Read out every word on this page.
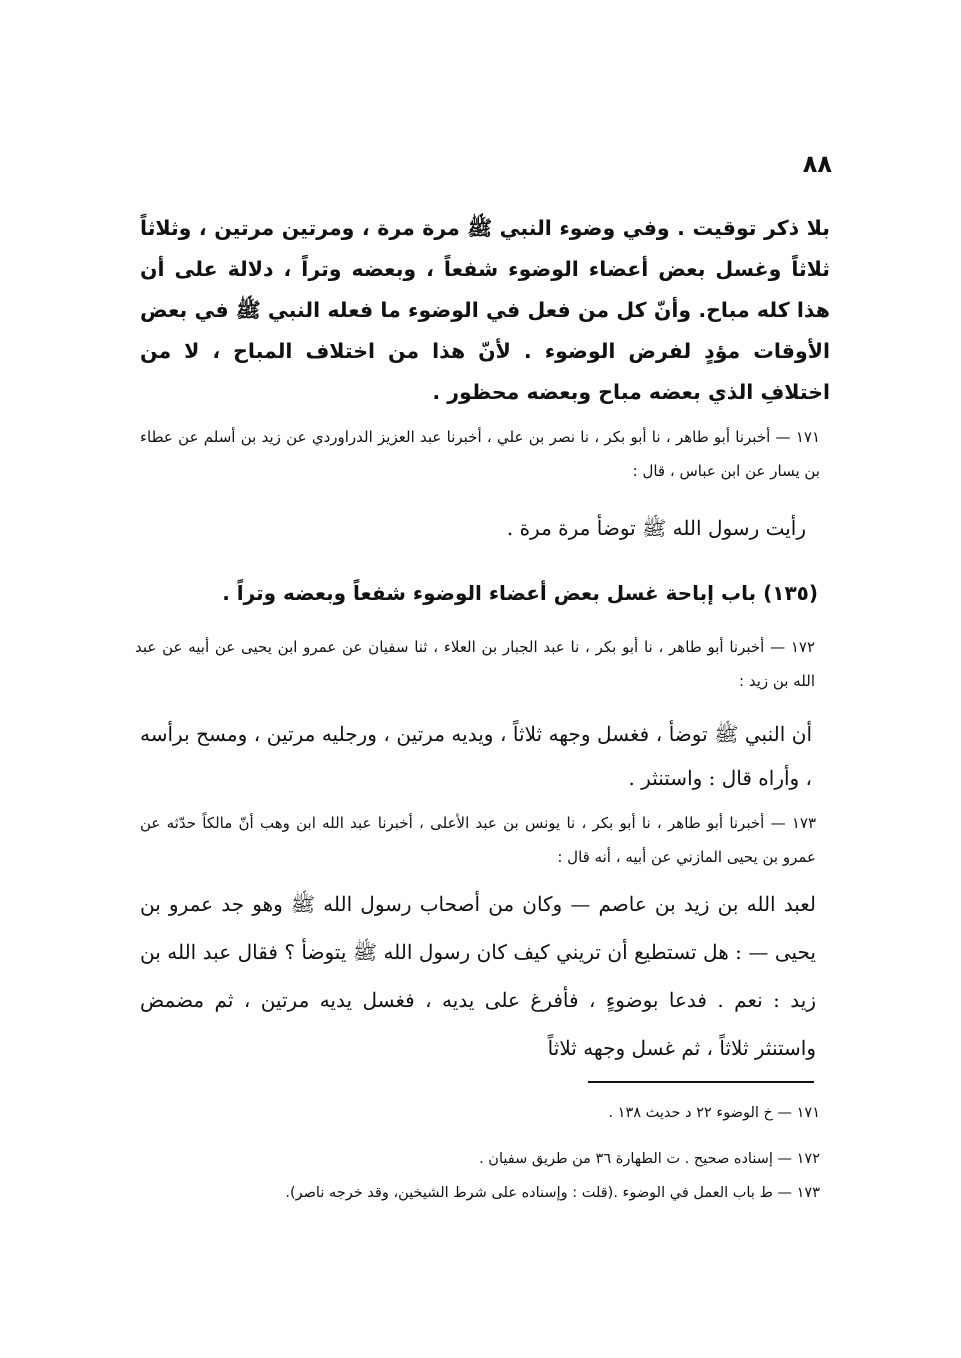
٨٨
بلا ذكر توقيت . وفي وضوء النبي ﷺ مرة مرة ، ومرتين مرتين ، وثلاثاً ثلاثاً وغسل بعض أعضاء الوضوء شفعاً ، وبعضه وتراً ، دلالة على أن هذا كله مباح. وأنّ كل من فعل في الوضوء ما فعله النبي ﷺ في بعض الأوقات مؤدٍ لفرض الوضوء . لأنّ هذا من اختلاف المباح ، لا من اختلافِ الذي بعضه مباح وبعضه محظور .
١٧١ — أخبرنا أبو طاهر ، نا أبو بكر ، نا نصر بن علي ، أخبرنا عبد العزيز الدراوردي عن زيد بن أسلم عن عطاء بن يسار عن ابن عباس ، قال :
رأيت رسول الله ﷺ توضأ مرة مرة .
(١٣٥) باب إباحة غسل بعض أعضاء الوضوء شفعاً وبعضه وتراً .
١٧٢ — أخبرنا أبو طاهر ، نا أبو بكر ، نا عبد الجبار بن العلاء ، ثنا سفيان عن عمرو ابن يحيى عن أبيه عن عبد الله بن زيد :
أن النبي ﷺ توضأ ، فغسل وجهه ثلاثاً ، ويديه مرتين ، ورجليه مرتين ، ومسح برأسه ، وأراه قال : واستنثر .
١٧٣ — أخبرنا أبو طاهر ، نا أبو بكر ، نا يونس بن عبد الأعلى ، أخبرنا عبد الله ابن وهب أنّ مالكاً حدّثه عن عمرو بن يحيى المازني عن أبيه ، أنه قال :
لعبد الله بن زيد بن عاصم — وكان من أصحاب رسول الله ﷺ وهو جد عمرو بن يحيى — : هل تستطيع أن تريني كيف كان رسول الله ﷺ يتوضأ ؟ فقال عبد الله بن زيد : نعم . فدعا بوضوءٍ ، فأفرغ على يديه ، فغسل يديه مرتين ، ثم مضمض واستنثر ثلاثاً ، ثم غسل وجهه ثلاثاً
١٧١ — خ الوضوء ٢٢ د حديث ١٣٨ .
١٧٢ — إسناده صحيح . ت الطهارة ٣٦ من طريق سفيان .
١٧٣ — ط باب العمل في الوضوء .(قلت : وإسناده على شرط الشيخين، وقد خرجه ناصر).
